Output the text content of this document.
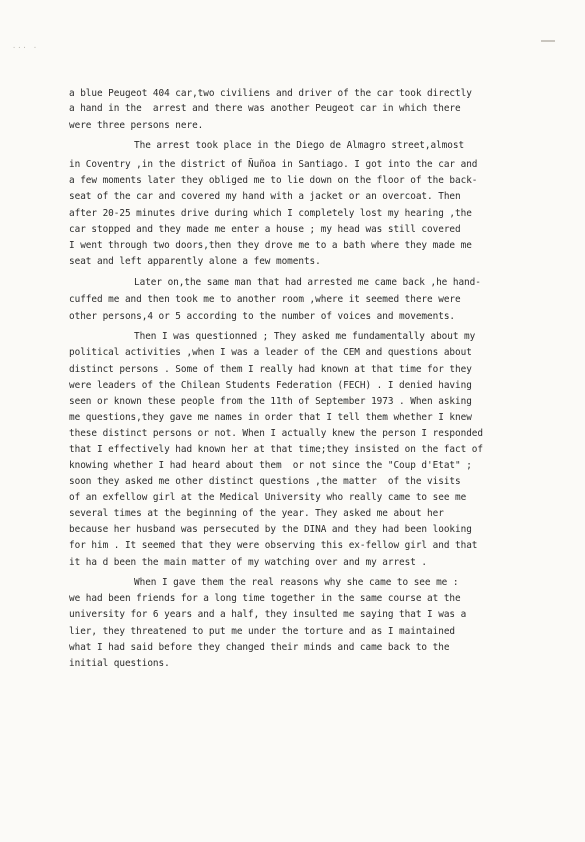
··· ·
a blue Peugeot 404 car,two civiliens and driver of the car took directly
a hand in the  arrest and there was another Peugeot car in which there
were three persons nere.
The arrest took place in the Diego de Almagro street,almost
in Coventry ,in the district of Ñuñoa in Santiago. I got into the car and
a few moments later they obliged me to lie down on the floor of the back-
seat of the car and covered my hand with a jacket or an overcoat. Then
after 20-25 minutes drive during which I completely lost my hearing ,the
car stopped and they made me enter a house ; my head was still covered
I went through two doors,then they drove me to a bath where they made me
seat and left apparently alone a few moments.
Later on,the same man that had arrested me came back ,he hand-
cuffed me and then took me to another room ,where it seemed there were
other persons,4 or 5 according to the number of voices and movements.
Then I was questionned ; They asked me fundamentally about my
political activities ,when I was a leader of the CEM and questions about
distinct persons . Some of them I really had known at that time for they
were leaders of the Chilean Students Federation (FECH) . I denied having
seen or known these people from the 11th of September 1973 . When asking
me questions,they gave me names in order that I tell them whether I knew
these distinct persons or not. When I actually knew the person I responded
that I effectively had known her at that time;they insisted on the fact of
knowing whether I had heard about them  or not since the "Coup d'Etat" ;
soon they asked me other distinct questions ,the matter  of the visits
of an exfellow girl at the Medical University who really came to see me
several times at the beginning of the year. They asked me about her
because her husband was persecuted by the DINA and they had been looking
for him . It seemed that they were observing this ex-fellow girl and that
it ha d been the main matter of my watching over and my arrest .
When I gave them the real reasons why she came to see me :
we had been friends for a long time together in the same course at the
university for 6 years and a half, they insulted me saying that I was a
lier, they threatened to put me under the torture and as I maintained
what I had said before they changed their minds and came back to the
initial questions.
